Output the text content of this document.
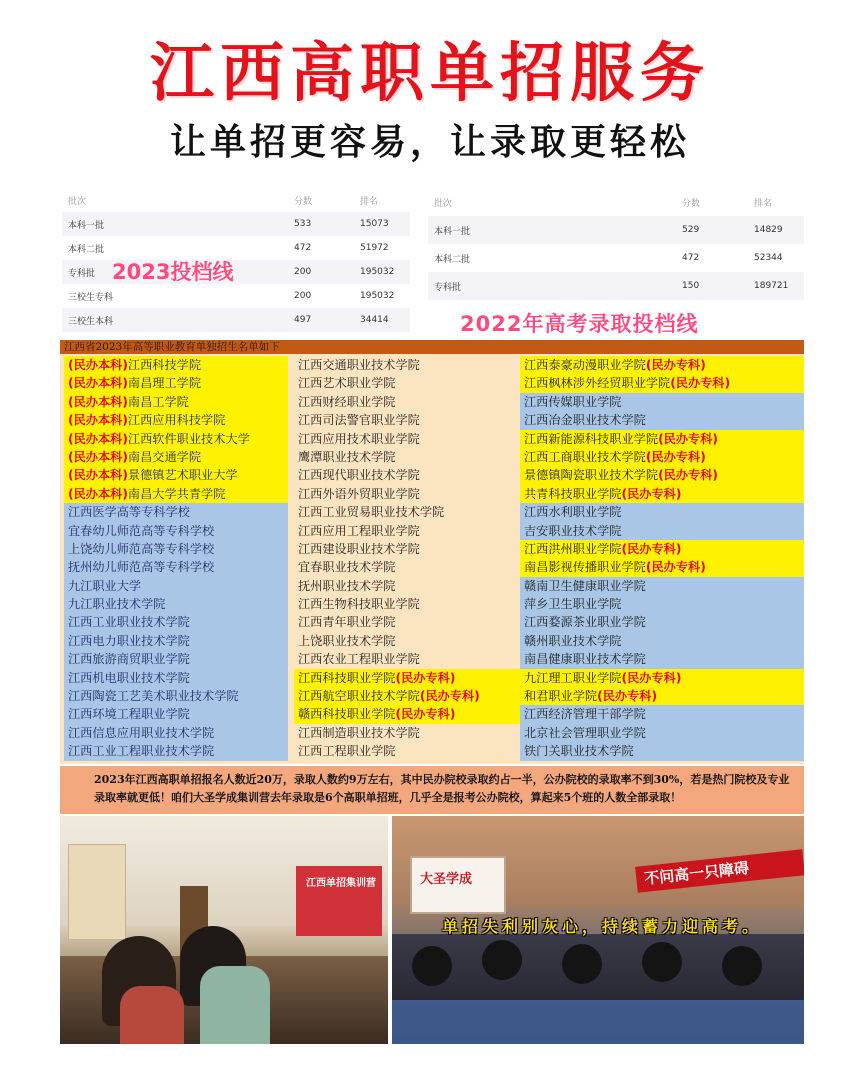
江西高职单招服务
让单招更容易，让录取更轻松
批次	分数	排名
本科一批	533	15073
本科二批	472	51972
专科批	200	195032
三校生专科	200	195032
三校生本科	497	34414
2023投档线
批次	分数	排名
本科一批	529	14829
本科二批	472	52344
专科批	150	189721
2022年高考录取投档线
江西省2023年高等职业教育单独招生名单如下
(民办本科)江西科技学院
(民办本科)南昌理工学院
(民办本科)南昌工学院
(民办本科)江西应用科技学院
(民办本科)江西软件职业技术大学
(民办本科)南昌交通学院
(民办本科)景德镇艺术职业大学
(民办本科)南昌大学共青学院
江西医学高等专科学校
宜春幼儿师范高等专科学校
上饶幼儿师范高等专科学校
抚州幼儿师范高等专科学校
九江职业大学
九江职业技术学院
江西工业职业技术学院
江西电力职业技术学院
江西旅游商贸职业学院
江西机电职业技术学院
江西陶瓷工艺美术职业技术学院
江西环境工程职业学院
江西信息应用职业技术学院
江西工业工程职业技术学院
江西交通职业技术学院
江西艺术职业学院
江西财经职业学院
江西司法警官职业学院
江西应用技术职业学院
鹰潭职业技术学院
江西现代职业技术学院
江西外语外贸职业学院
江西工业贸易职业技术学院
江西应用工程职业学院
江西建设职业技术学院
宜春职业技术学院
抚州职业技术学院
江西生物科技职业学院
江西青年职业学院
上饶职业技术学院
江西农业工程职业学院
江西科技职业学院(民办专科)
江西航空职业技术学院(民办专科)
赣西科技职业学院(民办专科)
江西制造职业技术学院
江西工程职业学院
江西泰豪动漫职业学院(民办专科)
江西枫林涉外经贸职业学院(民办专科)
江西传媒职业学院
江西冶金职业技术学院
江西新能源科技职业学院(民办专科)
江西工商职业技术学院(民办专科)
景德镇陶瓷职业技术学院(民办专科)
共青科技职业学院(民办专科)
江西水利职业学院
吉安职业技术学院
江西洪州职业学院(民办专科)
南昌影视传播职业学院(民办专科)
赣南卫生健康职业学院
萍乡卫生职业学院
江西婺源茶业职业学院
赣州职业技术学院
南昌健康职业技术学院
九江理工职业学院(民办专科)
和君职业学院(民办专科)
江西经济管理干部学院
北京社会管理职业学院
铁门关职业技术学院

2023年江西高职单招报名人数近20万，录取人数约9万左右，其中民办院校录取约占一半，公办院校的录取率不到30%，若是热门院校及专业录取率就更低！咱们大圣学成集训营去年录取是6个高职单招班，几乎全是报考公办院校，算起来5个班的人数全部录取！

江西单招集训营	大圣学成	不问高一只障碍
单招失利别灰心，持续蓄力迎高考。
